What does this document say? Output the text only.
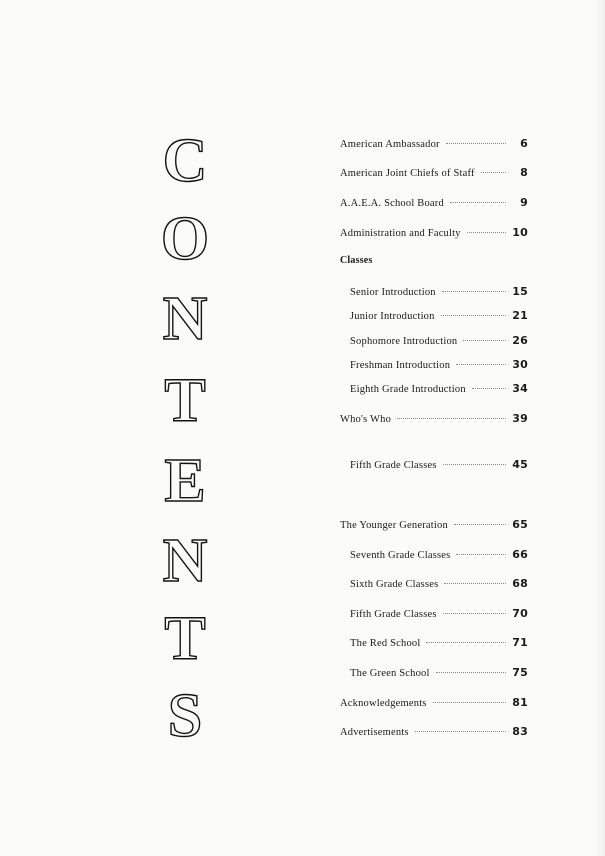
C
O
N
T
E
N
T
S
American Ambassador	6
American Joint Chiefs of Staff	8
A.A.E.A. School Board	9
Administration and Faculty	10
Classes
Senior Introduction	15
Junior Introduction	21
Sophomore Introduction	26
Freshman Introduction	30
Eighth Grade Introduction	34
Who's Who	39
Fifth Grade Classes	45
The Younger Generation	65
Seventh Grade Classes	66
Sixth Grade Classes	68
Fifth Grade Classes	70
The Red School	71
The Green School	75
Acknowledgements	81
Advertisements	83
